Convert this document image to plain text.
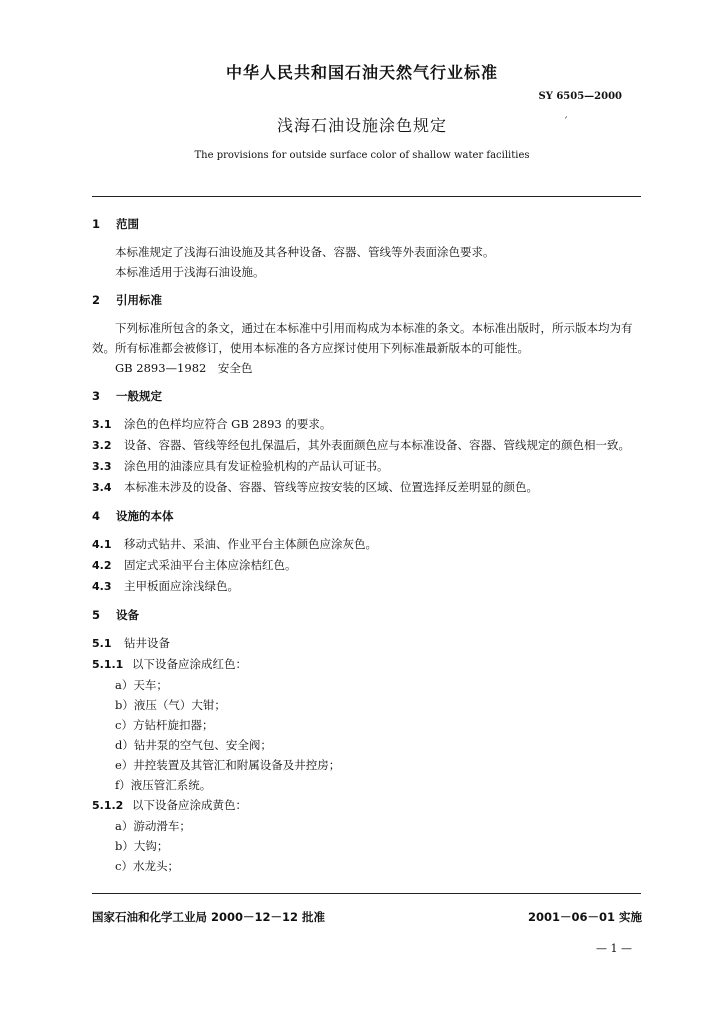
中华人民共和国石油天然气行业标准
SY 6505—2000
浅海石油设施涂色规定	ˊ
The provisions for outside surface color of shallow water facilities
1 范围

本标准规定了浅海石油设施及其各种设备、容器、管线等外表面涂色要求。

本标准适用于浅海石油设施。

2 引用标准

下列标准所包含的条文，通过在本标准中引用而构成为本标准的条文。本标准出版时，所示版本均为有效。所有标准都会被修订，使用本标准的各方应探讨使用下列标准最新版本的可能性。

GB 2893—1982　安全色

3 一般规定

3.1 涂色的色样均应符合 GB 2893 的要求。

3.2 设备、容器、管线等经包扎保温后，其外表面颜色应与本标准设备、容器、管线规定的颜色相一致。

3.3 涂色用的油漆应具有发证检验机构的产品认可证书。

3.4 本标准未涉及的设备、容器、管线等应按安装的区域、位置选择反差明显的颜色。

4 设施的本体

4.1 移动式钻井、采油、作业平台主体颜色应涂灰色。

4.2 固定式采油平台主体应涂桔红色。

4.3 主甲板面应涂浅绿色。

5 设备

5.1 钻井设备

5.1.1 以下设备应涂成红色：

a）天车；
b）液压（气）大钳；
c）方钻杆旋扣器；
d）钻井泵的空气包、安全阀；
e）井控装置及其管汇和附属设备及井控房；
f）液压管汇系统。

5.1.2 以下设备应涂成黄色：

a）游动滑车；
b）大钩；
c）水龙头；
国家石油和化学工业局 2000－12－12 批准	2001－06－01 实施
— 1 —
